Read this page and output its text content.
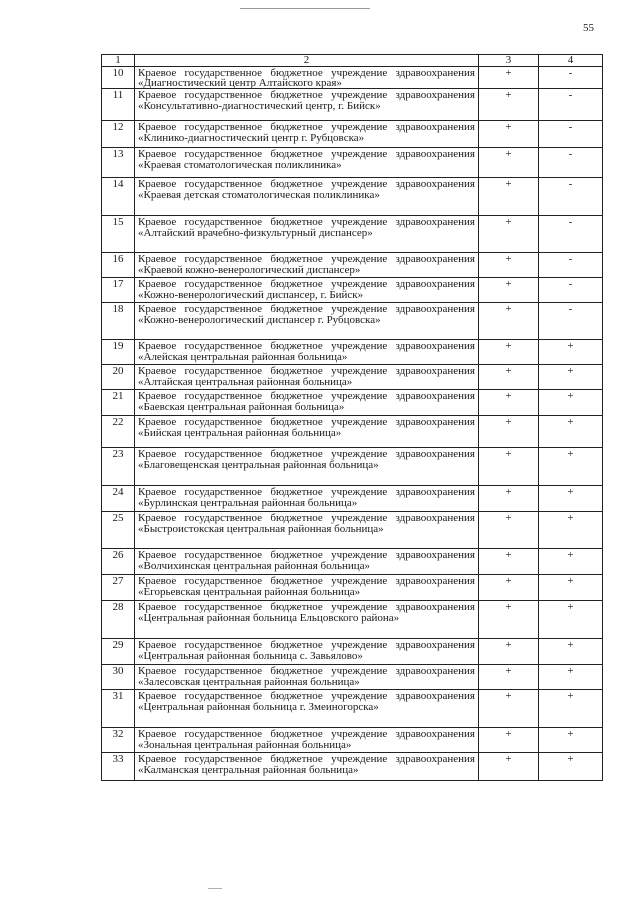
55
1	2	3	4
10	Краевое государственное бюджетное учреждение здравоохранения «Диагностический центр Алтайского края»	+	-
11	Краевое государственное бюджетное учреждение здравоохранения «Консультативно-диагностический центр, г. Бийск»	+	-
12	Краевое государственное бюджетное учреждение здравоохранения «Клинико-диагностический центр г. Рубцовска»	+	-
13	Краевое государственное бюджетное учреждение здравоохранения «Краевая стоматологическая поликлиника»	+	-
14	Краевое государственное бюджетное учреждение здравоохранения «Краевая детская стоматологическая поликлиника»	+	-
15	Краевое государственное бюджетное учреждение здравоохранения «Алтайский врачебно-физкультурный диспансер»	+	-
16	Краевое государственное бюджетное учреждение здравоохранения «Краевой кожно-венерологический диспансер»	+	-
17	Краевое государственное бюджетное учреждение здравоохранения «Кожно-венерологический диспансер, г. Бийск»	+	-
18	Краевое государственное бюджетное учреждение здравоохранения «Кожно-венерологический диспансер г. Рубцовска»	+	-
19	Краевое государственное бюджетное учреждение здравоохранения «Алейская центральная районная больница»	+	+
20	Краевое государственное бюджетное учреждение здравоохранения «Алтайская центральная районная больница»	+	+
21	Краевое государственное бюджетное учреждение здравоохранения «Баевская центральная районная больница»	+	+
22	Краевое государственное бюджетное учреждение здравоохранения «Бийская центральная районная больница»	+	+
23	Краевое государственное бюджетное учреждение здравоохранения «Благовещенская центральная районная больница»	+	+
24	Краевое государственное бюджетное учреждение здравоохранения «Бурлинская центральная районная больница»	+	+
25	Краевое государственное бюджетное учреждение здравоохранения «Быстроистокская центральная районная больница»	+	+
26	Краевое государственное бюджетное учреждение здравоохранения «Волчихинская центральная районная больница»	+	+
27	Краевое государственное бюджетное учреждение здравоохранения «Егорьевская центральная районная больница»	+	+
28	Краевое государственное бюджетное учреждение здравоохранения «Центральная районная больница Ельцовского района»	+	+
29	Краевое государственное бюджетное учреждение здравоохранения «Центральная районная больница с. Завьялово»	+	+
30	Краевое государственное бюджетное учреждение здравоохранения «Залесовская центральная районная больница»	+	+
31	Краевое государственное бюджетное учреждение здравоохранения «Центральная районная больница г. Змеиногорска»	+	+
32	Краевое государственное бюджетное учреждение здравоохранения «Зональная центральная районная больница»	+	+
33	Краевое государственное бюджетное учреждение здравоохранения «Калманская центральная районная больница»	+	+
